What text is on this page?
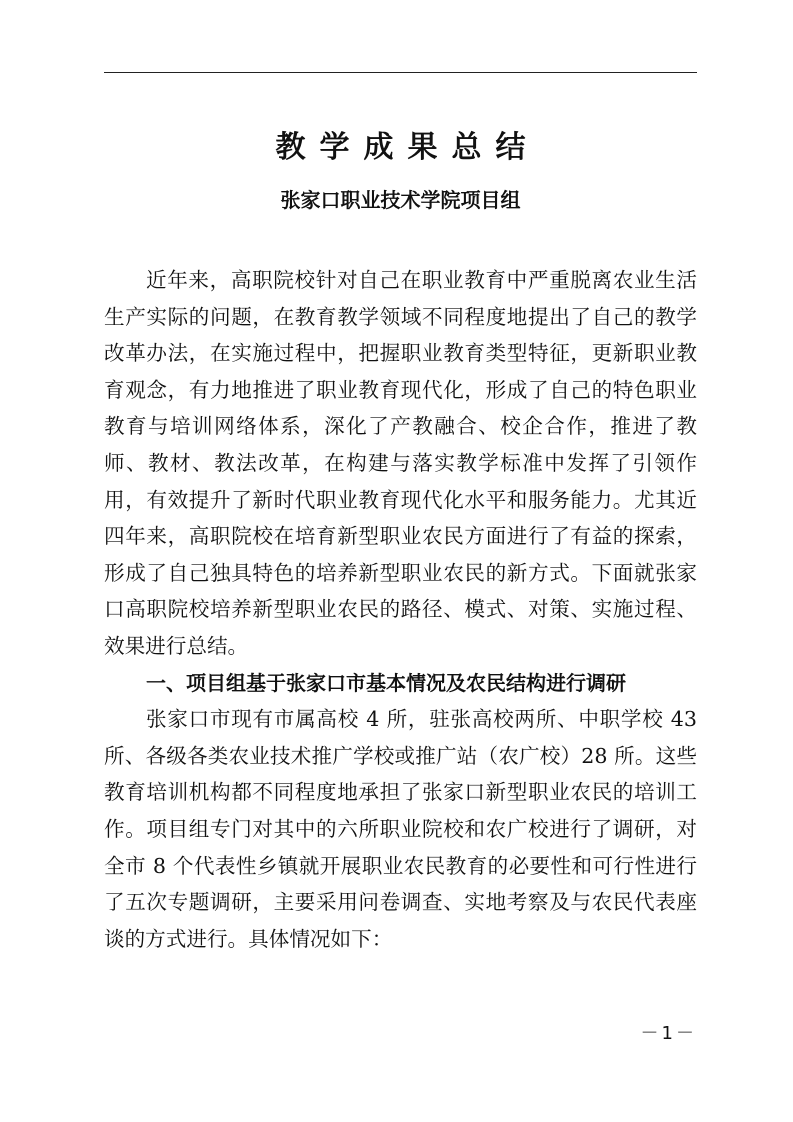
教学成果总结
张家口职业技术学院项目组

近年来，高职院校针对自己在职业教育中严重脱离农业生活生产实际的问题，在教育教学领域不同程度地提出了自己的教学改革办法，在实施过程中，把握职业教育类型特征，更新职业教育观念，有力地推进了职业教育现代化，形成了自己的特色职业教育与培训网络体系，深化了产教融合、校企合作，推进了教师、教材、教法改革，在构建与落实教学标准中发挥了引领作用，有效提升了新时代职业教育现代化水平和服务能力。尤其近四年来，高职院校在培育新型职业农民方面进行了有益的探索，形成了自己独具特色的培养新型职业农民的新方式。下面就张家口高职院校培养新型职业农民的路径、模式、对策、实施过程、效果进行总结。

一、项目组基于张家口市基本情况及农民结构进行调研

张家口市现有市属高校 4 所，驻张高校两所、中职学校 43 所、各级各类农业技术推广学校或推广站（农广校）28 所。这些教育培训机构都不同程度地承担了张家口新型职业农民的培训工作。项目组专门对其中的六所职业院校和农广校进行了调研，对全市 8 个代表性乡镇就开展职业农民教育的必要性和可行性进行了五次专题调研，主要采用问卷调查、实地考察及与农民代表座谈的方式进行。具体情况如下：

－1－
